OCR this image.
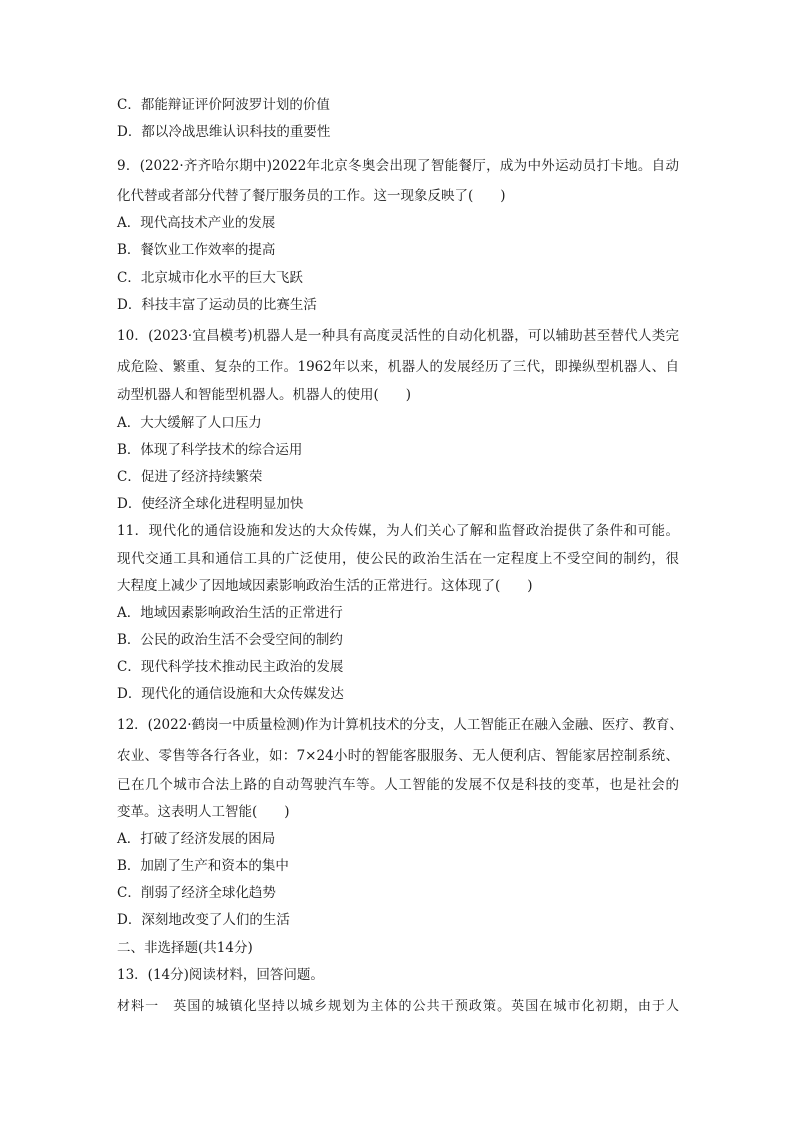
C．都能辩证评价阿波罗计划的价值
D．都以冷战思维认识科技的重要性
9．(2022·齐齐哈尔期中)2022年北京冬奥会出现了智能餐厅，成为中外运动员打卡地。自动
化代替或者部分代替了餐厅服务员的工作。这一现象反映了(　　)
A．现代高技术产业的发展
B．餐饮业工作效率的提高
C．北京城市化水平的巨大飞跃
D．科技丰富了运动员的比赛生活
10．(2023·宜昌模考)机器人是一种具有高度灵活性的自动化机器，可以辅助甚至替代人类完
成危险、繁重、复杂的工作。1962年以来，机器人的发展经历了三代，即操纵型机器人、自
动型机器人和智能型机器人。机器人的使用(　　)
A．大大缓解了人口压力
B．体现了科学技术的综合运用
C．促进了经济持续繁荣
D．使经济全球化进程明显加快
11．现代化的通信设施和发达的大众传媒，为人们关心了解和监督政治提供了条件和可能。
现代交通工具和通信工具的广泛使用，使公民的政治生活在一定程度上不受空间的制约，很
大程度上减少了因地域因素影响政治生活的正常进行。这体现了(　　)
A．地域因素影响政治生活的正常进行
B．公民的政治生活不会受空间的制约
C．现代科学技术推动民主政治的发展
D．现代化的通信设施和大众传媒发达
12．(2022·鹤岗一中质量检测)作为计算机技术的分支，人工智能正在融入金融、医疗、教育、
农业、零售等各行各业，如：7×24小时的智能客服服务、无人便利店、智能家居控制系统、
已在几个城市合法上路的自动驾驶汽车等。人工智能的发展不仅是科技的变革，也是社会的
变革。这表明人工智能(　　)
A．打破了经济发展的困局
B．加剧了生产和资本的集中
C．削弱了经济全球化趋势
D．深刻地改变了人们的生活
二、非选择题(共14分)
13．(14分)阅读材料，回答问题。
材料一　英国的城镇化坚持以城乡规划为主体的公共干预政策。英国在城市化初期，由于人
